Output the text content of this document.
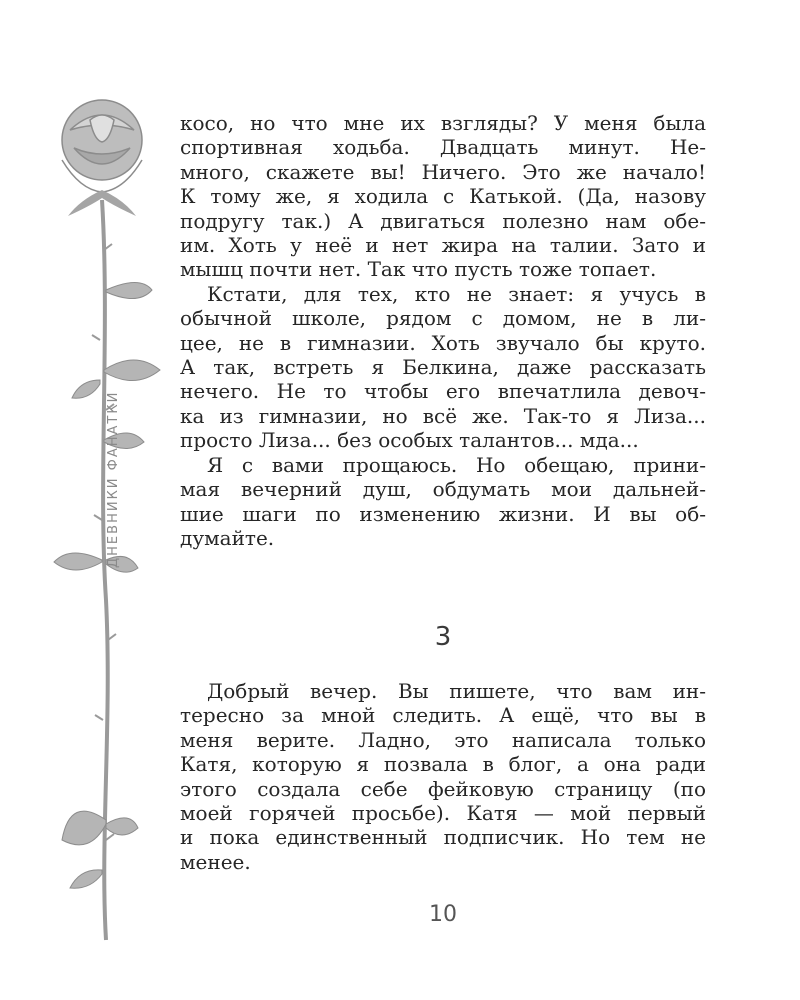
ДНЕВНИКИ ФАНАТКИ

косо, но что мне их взгляды? У меня была

спортивная ходьба. Двадцать минут. Не-

много, скажете вы! Ничего. Это же начало!

К тому же, я ходила с Катькой. (Да, назову

подругу так.) А двигаться полезно нам обе-

им. Хоть у неё и нет жира на талии. Зато и

мышц почти нет. Так что пусть тоже топает.

Кстати, для тех, кто не знает: я учусь в

обычной школе, рядом с домом, не в ли-

цее, не в гимназии. Хоть звучало бы круто.

А так, встреть я Белкина, даже рассказать

нечего. Не то чтобы его впечатлила девоч-

ка из гимназии, но всё же. Так-то я Лиза...

просто Лиза... без особых талантов... мда...

Я с вами прощаюсь. Но обещаю, прини-

мая вечерний душ, обдумать мои дальней-

шие шаги по изменению жизни. И вы об-

думайте.

3

Добрый вечер. Вы пишете, что вам ин-

тересно за мной следить. А ещё, что вы в

меня верите. Ладно, это написала только

Катя, которую я позвала в блог, а она ради

этого создала себе фейковую страницу (по

моей горячей просьбе). Катя — мой первый

и пока единственный подписчик. Но тем не

менее.

10
